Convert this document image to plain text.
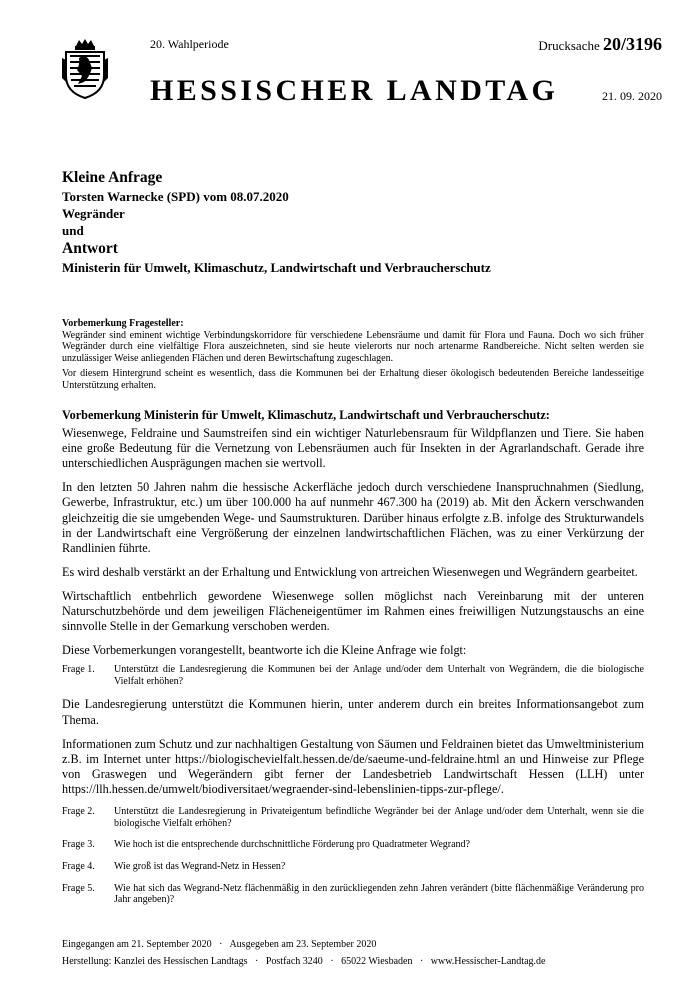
20. Wahlperiode	Drucksache 20/3196
HESSISCHER LANDTAG	21. 09. 2020
Kleine Anfrage
Torsten Warnecke (SPD) vom 08.07.2020
Wegränder
und
Antwort
Ministerin für Umwelt, Klimaschutz, Landwirtschaft und Verbraucherschutz
Vorbemerkung Fragesteller:

Wegränder sind eminent wichtige Verbindungskorridore für verschiedene Lebensräume und damit für Flora und Fauna. Doch wo sich früher Wegränder durch eine vielfältige Flora auszeichneten, sind sie heute vielerorts nur noch artenarme Randbereiche. Nicht selten werden sie unzulässiger Weise anliegenden Flächen und deren Bewirtschaftung zugeschlagen.

Vor diesem Hintergrund scheint es wesentlich, dass die Kommunen bei der Erhaltung dieser ökologisch bedeutenden Bereiche landesseitige Unterstützung erhalten.

Vorbemerkung Ministerin für Umwelt, Klimaschutz, Landwirtschaft und Verbraucherschutz:

Wiesenwege, Feldraine und Saumstreifen sind ein wichtiger Naturlebensraum für Wildpflanzen und Tiere. Sie haben eine große Bedeutung für die Vernetzung von Lebensräumen auch für Insekten in der Agrarlandschaft. Gerade ihre unterschiedlichen Ausprägungen machen sie wertvoll.

In den letzten 50 Jahren nahm die hessische Ackerfläche jedoch durch verschiedene Inanspruchnahmen (Siedlung, Gewerbe, Infrastruktur, etc.) um über 100.000 ha auf nunmehr 467.300 ha (2019) ab. Mit den Äckern verschwanden gleichzeitig die sie umgebenden Wege- und Saumstrukturen. Darüber hinaus erfolgte z.B. infolge des Strukturwandels in der Landwirtschaft eine Vergrößerung der einzelnen landwirtschaftlichen Flächen, was zu einer Verkürzung der Randlinien führte.

Es wird deshalb verstärkt an der Erhaltung und Entwicklung von artreichen Wiesenwegen und Wegrändern gearbeitet.

Wirtschaftlich entbehrlich gewordene Wiesenwege sollen möglichst nach Vereinbarung mit der unteren Naturschutzbehörde und dem jeweiligen Flächeneigentümer im Rahmen eines freiwilligen Nutzungstauschs an eine sinnvolle Stelle in der Gemarkung verschoben werden.

Diese Vorbemerkungen vorangestellt, beantworte ich die Kleine Anfrage wie folgt:

Frage 1.	Unterstützt die Landesregierung die Kommunen bei der Anlage und/oder dem Unterhalt von Wegrändern, die die biologische Vielfalt erhöhen?

Die Landesregierung unterstützt die Kommunen hierin, unter anderem durch ein breites Informationsangebot zum Thema.

Informationen zum Schutz und zur nachhaltigen Gestaltung von Säumen und Feldrainen bietet das Umweltministerium z.B. im Internet unter https://biologischevielfalt.hessen.de/de/saeume-und-feldraine.html an und Hinweise zur Pflege von Graswegen und Wegerändern gibt ferner der Landesbetrieb Landwirtschaft Hessen (LLH) unter https://llh.hessen.de/umwelt/biodiversitaet/wegraender-sind-lebenslinien-tipps-zur-pflege/.

Frage 2.	Unterstützt die Landesregierung in Privateigentum befindliche Wegränder bei der Anlage und/oder dem Unterhalt, wenn sie die biologische Vielfalt erhöhen?
Frage 3.	Wie hoch ist die entsprechende durchschnittliche Förderung pro Quadratmeter Wegrand?
Frage 4.	Wie groß ist das Wegrand-Netz in Hessen?
Frage 5.	Wie hat sich das Wegrand-Netz flächenmäßig in den zurückliegenden zehn Jahren verändert (bitte flächenmäßige Veränderung pro Jahr angeben)?
Eingegangen am 21. September 2020   ·   Ausgegeben am 23. September 2020
Herstellung: Kanzlei des Hessischen Landtags   ·   Postfach 3240   ·   65022 Wiesbaden   ·   www.Hessischer-Landtag.de
